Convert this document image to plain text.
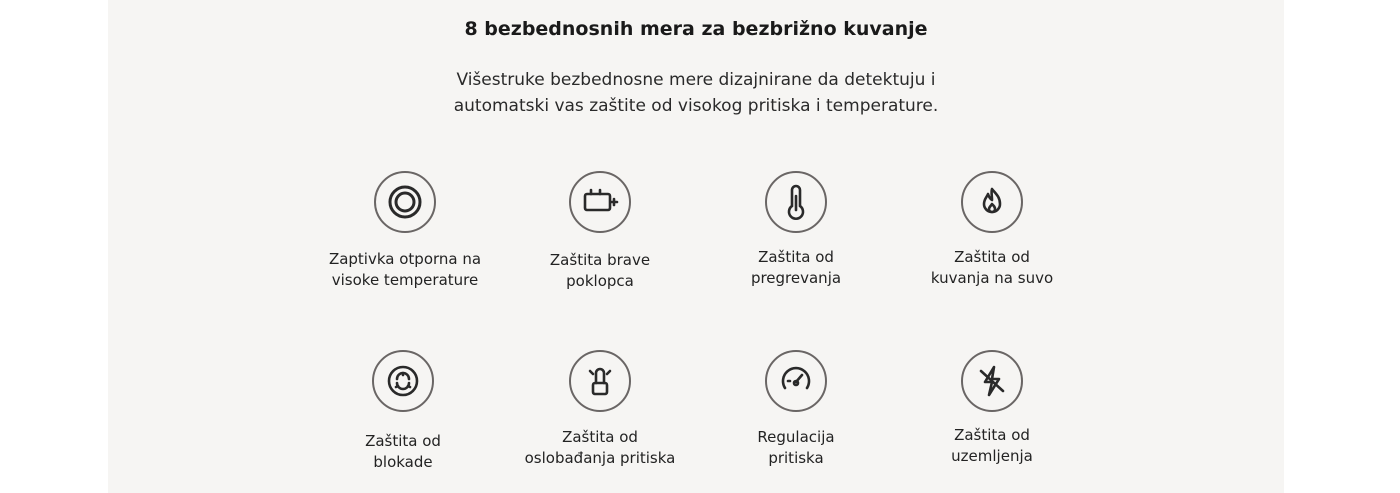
8 bezbednosnih mera za bezbrižno kuvanje

Višestruke bezbednosne mere dizajnirane da detektuju i
automatski vas zaštite od visokog pritiska i temperature.

Zaptivka otporna na
visoke temperature
Zaštita brave
poklopca
Zaštita od
pregrevanja
Zaštita od
kuvanja na suvo
Zaštita od
blokade
Zaštita od
oslobađanja pritiska
Regulacija
pritiska
Zaštita od
uzemljenja
